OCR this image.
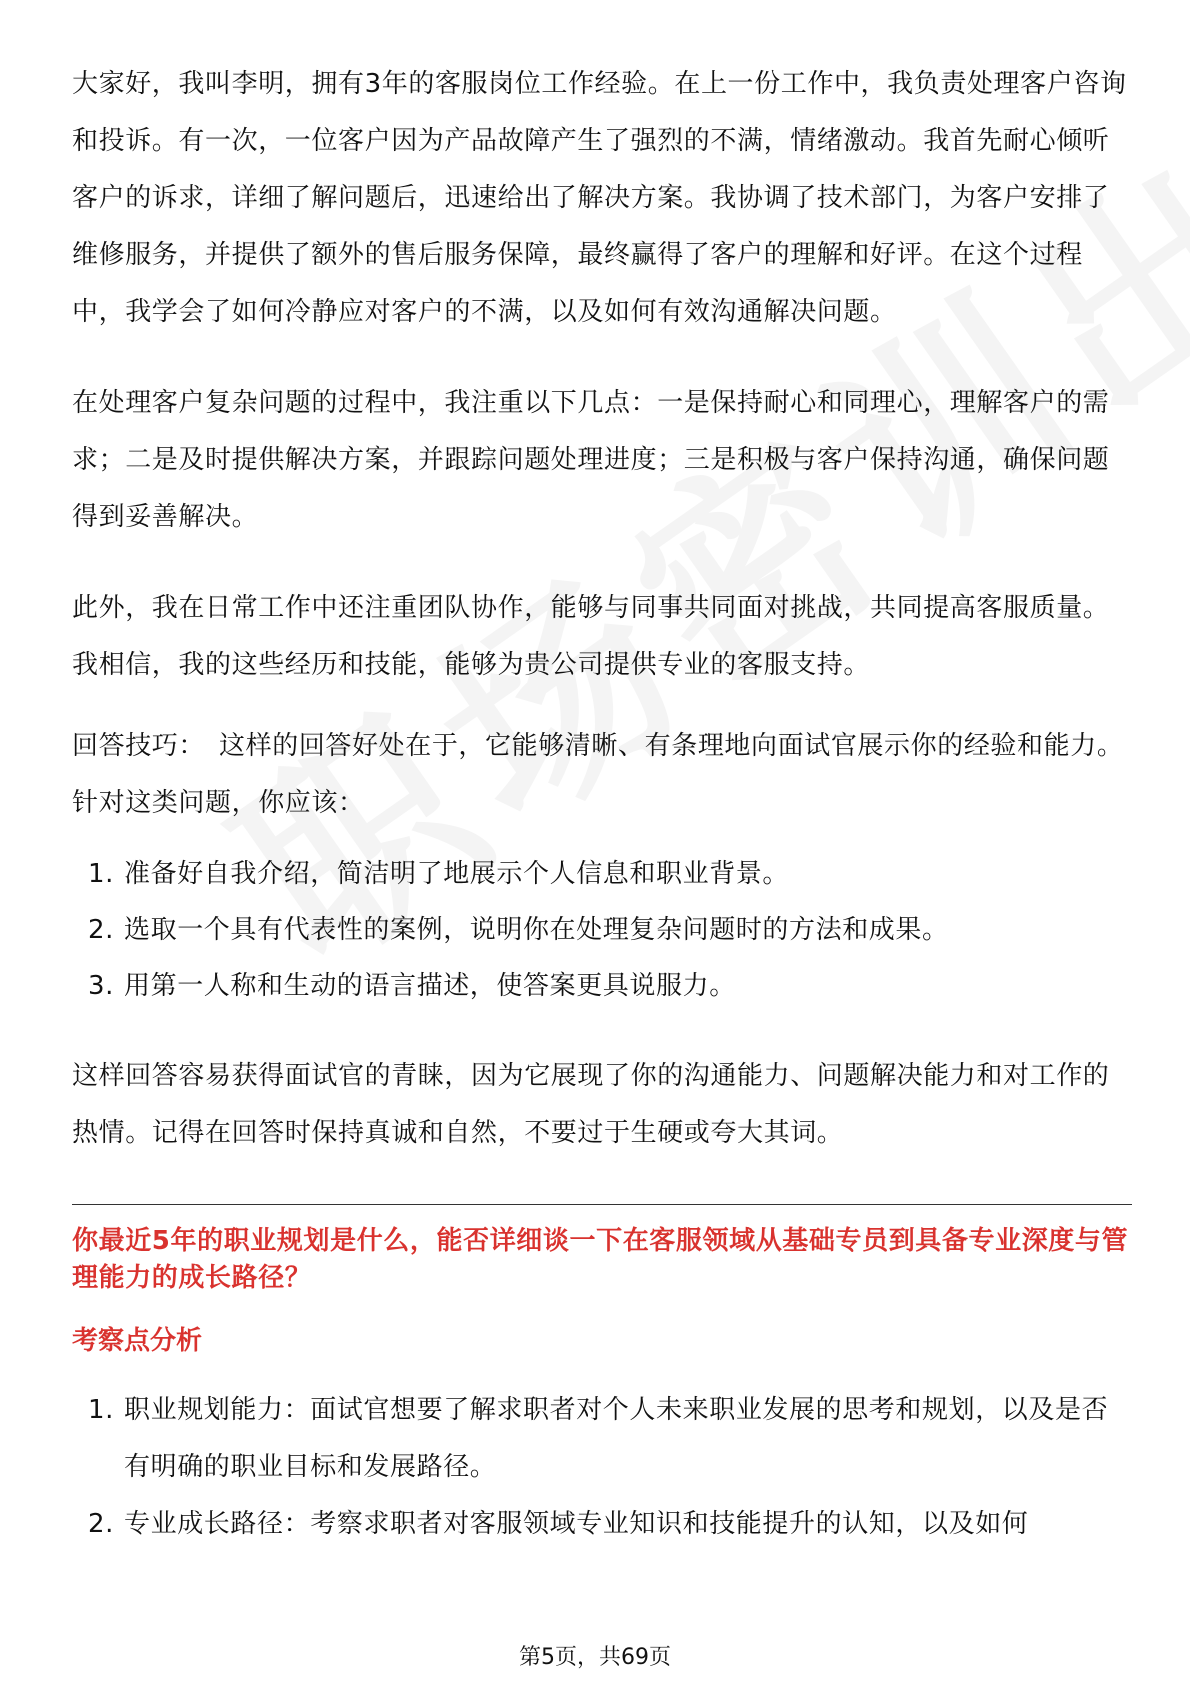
大家好，我叫李明，拥有3年的客服岗位工作经验。在上一份工作中，我负责处理客户咨询和投诉。有一次，一位客户因为产品故障产生了强烈的不满，情绪激动。我首先耐心倾听客户的诉求，详细了解问题后，迅速给出了解决方案。我协调了技术部门，为客户安排了维修服务，并提供了额外的售后服务保障，最终赢得了客户的理解和好评。在这个过程中，我学会了如何冷静应对客户的不满，以及如何有效沟通解决问题。

在处理客户复杂问题的过程中，我注重以下几点：一是保持耐心和同理心，理解客户的需求；二是及时提供解决方案，并跟踪问题处理进度；三是积极与客户保持沟通，确保问题得到妥善解决。

此外，我在日常工作中还注重团队协作，能够与同事共同面对挑战，共同提高客服质量。我相信，我的这些经历和技能，能够为贵公司提供专业的客服支持。

回答技巧： 这样的回答好处在于，它能够清晰、有条理地向面试官展示你的经验和能力。针对这类问题，你应该：

1. 准备好自我介绍，简洁明了地展示个人信息和职业背景。
2. 选取一个具有代表性的案例，说明你在处理复杂问题时的方法和成果。
3. 用第一人称和生动的语言描述，使答案更具说服力。

这样回答容易获得面试官的青睐，因为它展现了你的沟通能力、问题解决能力和对工作的热情。记得在回答时保持真诚和自然，不要过于生硬或夸大其词。

你最近5年的职业规划是什么，能否详细谈一下在客服领域从基础专员到具备专业深度与管理能力的成长路径？

考察点分析

1. 职业规划能力：面试官想要了解求职者对个人未来职业发展的思考和规划，以及是否有明确的职业目标和发展路径。
2. 专业成长路径：考察求职者对客服领域专业知识和技能提升的认知，以及如何
第5页，共69页
